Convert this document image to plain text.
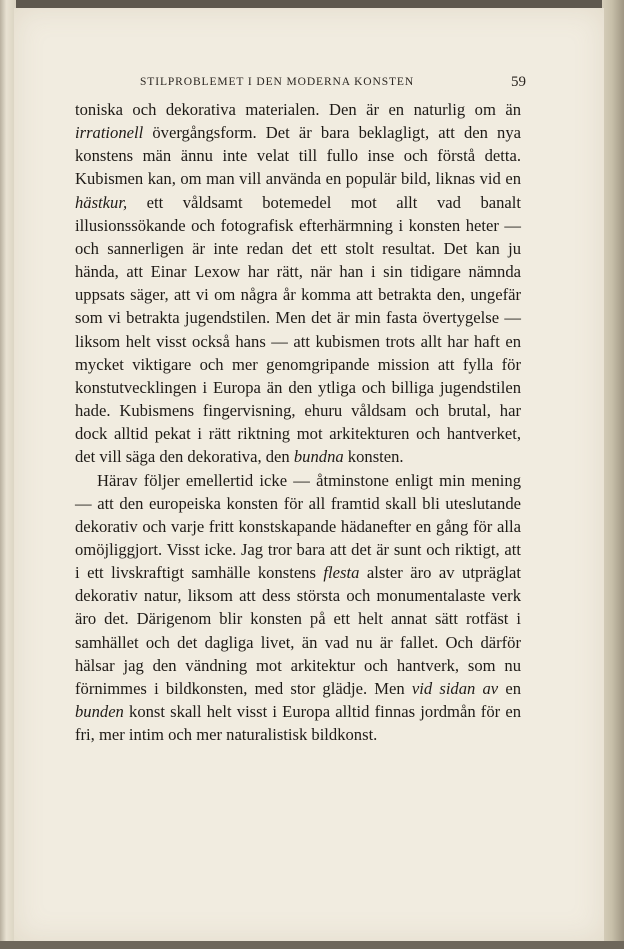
STILPROBLEMET I DEN MODERNA KONSTEN	59

toniska och dekorativa materialen. Den är en naturlig om än irrationell övergångsform. Det är bara beklagligt, att den nya konstens män ännu inte velat till fullo inse och förstå detta. Kubismen kan, om man vill använda en populär bild, liknas vid en hästkur, ett våldsamt botemedel mot allt vad banalt illusionssökande och fotografisk efterhärmning i konsten heter — och sannerligen är inte redan det ett stolt resultat. Det kan ju hända, att Einar Lexow har rätt, när han i sin tidigare nämnda uppsats säger, att vi om några år komma att betrakta den, ungefär som vi betrakta jugendstilen. Men det är min fasta övertygelse — liksom helt visst också hans — att kubismen trots allt har haft en mycket viktigare och mer genomgripande mission att fylla för konstutvecklingen i Europa än den ytliga och billiga jugendstilen hade. Kubismens fingervisning, ehuru våldsam och brutal, har dock alltid pekat i rätt riktning mot arkitekturen och hantverket, det vill säga den dekorativa, den bundna konsten.

Härav följer emellertid icke — åtminstone enligt min mening — att den europeiska konsten för all framtid skall bli uteslutande dekorativ och varje fritt konstskapande hädanefter en gång för alla omöjliggjort. Visst icke. Jag tror bara att det är sunt och riktigt, att i ett livskraftigt samhälle konstens flesta alster äro av utpräglat dekorativ natur, liksom att dess största och monumentalaste verk äro det. Därigenom blir konsten på ett helt annat sätt rotfäst i samhället och det dagliga livet, än vad nu är fallet. Och därför hälsar jag den vändning mot arkitektur och hantverk, som nu förnimmes i bildkonsten, med stor glädje. Men vid sidan av en bunden konst skall helt visst i Europa alltid finnas jordmån för en fri, mer intim och mer naturalistisk bildkonst.
